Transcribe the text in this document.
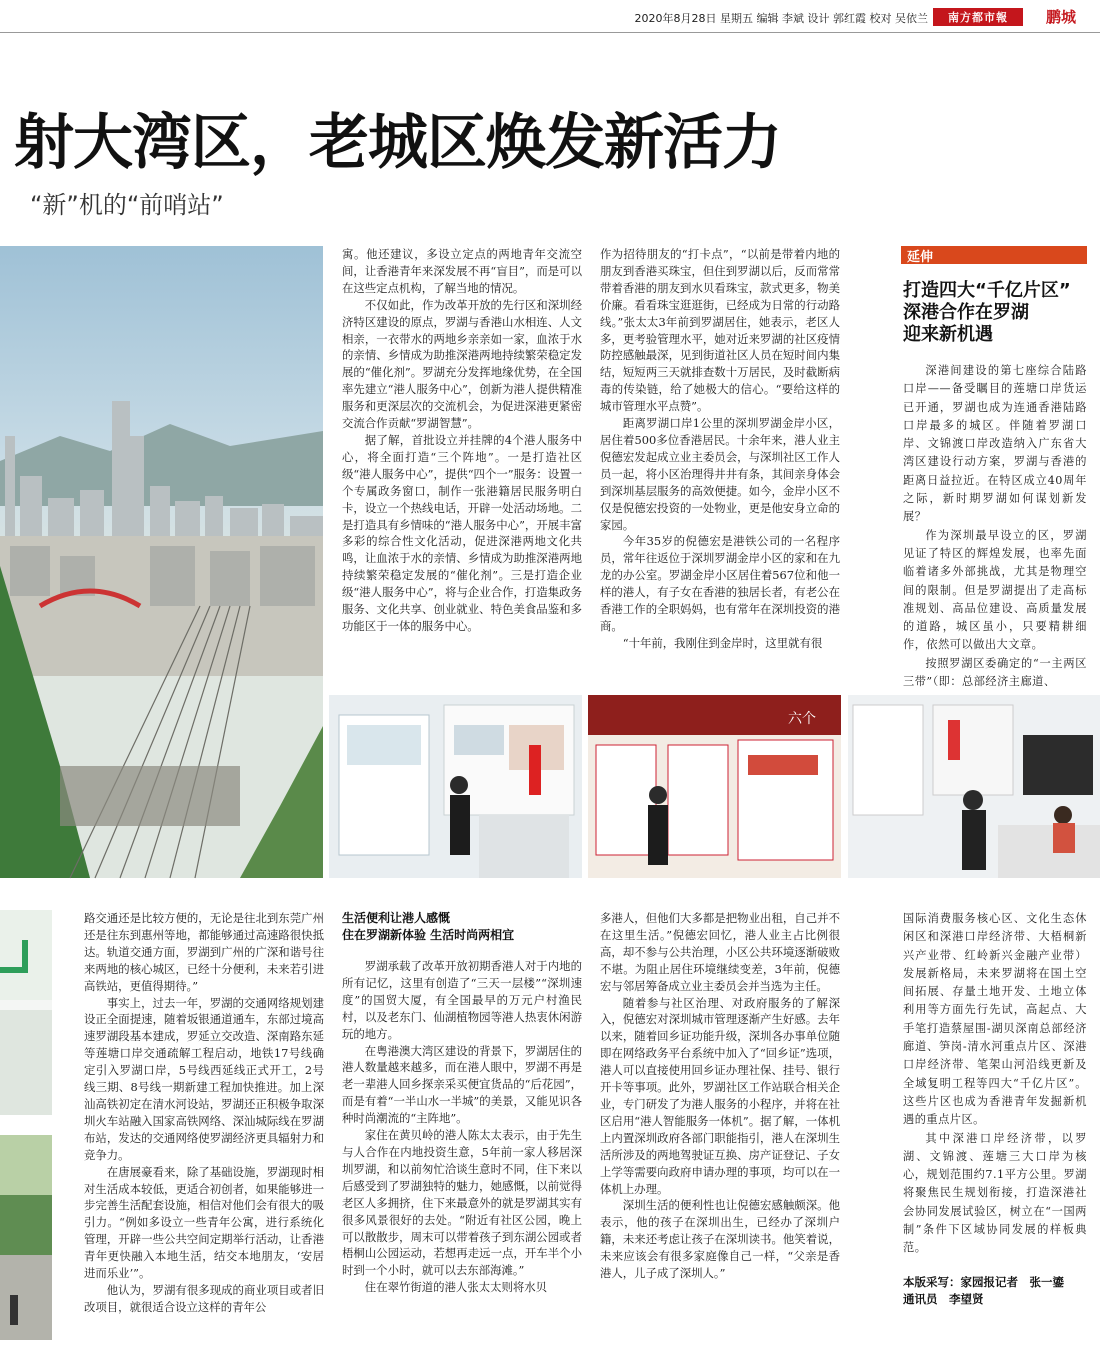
2020年8月28日 星期五 编辑 李斌 设计 郭红霞 校对 吴依兰	南方都市報	鹏城
射大湾区，老城区焕发新活力
“新”机的“前哨站”
六个

寓。他还建议，多设立定点的两地青年交流空间，让香港青年来深发展不再“盲目”，而是可以在这些定点机构，了解当地的情况。

不仅如此，作为改革开放的先行区和深圳经济特区建设的原点，罗湖与香港山水相连、人文相亲，一衣带水的两地乡亲亲如一家，血浓于水的亲情、乡情成为助推深港两地持续繁荣稳定发展的“催化剂”。罗湖充分发挥地缘优势，在全国率先建立“港人服务中心”，创新为港人提供精准服务和更深层次的交流机会，为促进深港更紧密交流合作贡献“罗湖智慧”。

据了解，首批设立并挂牌的4个港人服务中心，将全面打造“三个阵地”。一是打造社区级“港人服务中心”，提供“四个一”服务：设置一个专属政务窗口，制作一张港籍居民服务明白卡，设立一个热线电话，开辟一处活动场地。二是打造具有乡情味的“港人服务中心”，开展丰富多彩的综合性文化活动，促进深港两地文化共鸣，让血浓于水的亲情、乡情成为助推深港两地持续繁荣稳定发展的“催化剂”。三是打造企业级“港人服务中心”，将与企业合作，打造集政务服务、文化共享、创业就业、特色美食品鉴和多功能区于一体的服务中心。

作为招待朋友的“打卡点”，“以前是带着内地的朋友到香港买珠宝，但住到罗湖以后，反而常常带着香港的朋友到水贝看珠宝，款式更多，物美价廉。看看珠宝逛逛街，已经成为日常的行动路线。”张太太3年前到罗湖居住，她表示，老区人多，更考验管理水平，她对近来罗湖的社区疫情防控感触最深，见到街道社区人员在短时间内集结，短短两三天就排查数十万居民，及时截断病毒的传染链，给了她极大的信心。“要给这样的城市管理水平点赞”。

距离罗湖口岸1公里的深圳罗湖金岸小区，居住着500多位香港居民。十余年来，港人业主倪德宏发起成立业主委员会，与深圳社区工作人员一起，将小区治理得井井有条，其间亲身体会到深圳基层服务的高效便捷。如今，金岸小区不仅是倪德宏投资的一处物业，更是他安身立命的家园。

今年35岁的倪德宏是港铁公司的一名程序员，常年往返位于深圳罗湖金岸小区的家和在九龙的办公室。罗湖金岸小区居住着567位和他一样的港人，有子女在香港的独居长者，有老公在香港工作的全职妈妈，也有常年在深圳投资的港商。

“十年前，我刚住到金岸时，这里就有很

延伸
打造四大“千亿片区”
深港合作在罗湖
迎来新机遇

深港间建设的第七座综合陆路口岸——备受瞩目的莲塘口岸货运已开通，罗湖也成为连通香港陆路口岸最多的城区。伴随着罗湖口岸、文锦渡口岸改造纳入广东省大湾区建设行动方案，罗湖与香港的距离日益拉近。在特区成立40周年之际，新时期罗湖如何谋划新发展？

作为深圳最早设立的区，罗湖见证了特区的辉煌发展，也率先面临着诸多外部挑战，尤其是物理空间的限制。但是罗湖提出了走高标准规划、高品位建设、高质量发展的道路，城区虽小，只要精耕细作，依然可以做出大文章。

按照罗湖区委确定的“一主两区三带”（即：总部经济主廊道、

路交通还是比较方便的，无论是往北到东莞广州还是往东到惠州等地，都能够通过高速路很快抵达。轨道交通方面，罗湖到广州的广深和谐号往来两地的核心城区，已经十分便利，未来若引进高铁站，更值得期待。”

事实上，过去一年，罗湖的交通网络规划建设正全面提速，随着坂银通道通车，东部过境高速罗湖段基本建成，罗延立交改造、深南路东延等莲塘口岸交通疏解工程启动，地铁17号线确定引入罗湖口岸，5号线西延线正式开工，2号线三期、8号线一期新建工程加快推进。加上深汕高铁初定在清水河设站，罗湖还正积极争取深圳火车站融入国家高铁网络、深汕城际线在罗湖布站，发达的交通网络使罗湖经济更具辐射力和竞争力。

在唐展豪看来，除了基础设施，罗湖现时相对生活成本较低，更适合初创者，如果能够进一步完善生活配套设施，相信对他们会有很大的吸引力。“例如多设立一些青年公寓，进行系统化管理，开辟一些公共空间定期举行活动，让香港青年更快融入本地生活，结交本地朋友，‘安居进而乐业’”。

他认为，罗湖有很多现成的商业项目或者旧改项目，就很适合设立这样的青年公

生活便利让港人感慨
住在罗湖新体验 生活时尚两相宜

罗湖承载了改革开放初期香港人对于内地的所有记忆，这里有创造了“三天一层楼”“深圳速度”的国贸大厦，有全国最早的万元户村渔民村，以及老东门、仙湖植物园等港人热衷休闲游玩的地方。

在粤港澳大湾区建设的背景下，罗湖居住的港人数量越来越多，而在港人眼中，罗湖不再是老一辈港人回乡探亲采买便宜货品的“后花园”，而是有着“一半山水一半城”的美景，又能见识各种时尚潮流的“主阵地”。

家住在黄贝岭的港人陈太太表示，由于先生与人合作在内地投资生意，5年前一家人移居深圳罗湖，和以前匆忙洽谈生意时不同，住下来以后感受到了罗湖独特的魅力，她感慨，以前觉得老区人多拥挤，住下来最意外的就是罗湖其实有很多风景很好的去处。“附近有社区公园，晚上可以散散步，周末可以带着孩子到东湖公园或者梧桐山公园运动，若想再走远一点，开车半个小时到一个小时，就可以去东部海滩。”

住在翠竹街道的港人张太太则将水贝

多港人，但他们大多都是把物业出租，自己并不在这里生活。”倪德宏回忆，港人业主占比例很高，却不参与公共治理，小区公共环境逐渐破败不堪。为阻止居住环境继续变差，3年前，倪德宏与邻居筹备成立业主委员会并当选为主任。

随着参与社区治理、对政府服务的了解深入，倪德宏对深圳城市管理逐渐产生好感。去年以来，随着回乡证功能升级，深圳各办事单位随即在网络政务平台系统中加入了“回乡证”选项，港人可以直接使用回乡证办理社保、挂号、银行开卡等事项。此外，罗湖社区工作站联合相关企业，专门研发了为港人服务的小程序，并将在社区启用“港人智能服务一体机”。据了解，一体机上内置深圳政府各部门职能指引，港人在深圳生活所涉及的两地驾驶证互换、房产证登记、子女上学等需要向政府申请办理的事项，均可以在一体机上办理。

深圳生活的便利性也让倪德宏感触颇深。他表示，他的孩子在深圳出生，已经办了深圳户籍，未来还考虑让孩子在深圳读书。他笑着说，未来应该会有很多家庭像自己一样，“父亲是香港人，儿子成了深圳人。”

国际消费服务核心区、文化生态休闲区和深港口岸经济带、大梧桐新兴产业带、红岭新兴金融产业带）发展新格局，未来罗湖将在国土空间拓展、存量土地开发、土地立体利用等方面先行先试，高起点、大手笔打造蔡屋围-湖贝深南总部经济廊道、笋岗-清水河重点片区、深港口岸经济带、笔架山河沿线更新及全域复明工程等四大“千亿片区”。这些片区也成为香港青年发掘新机遇的重点片区。

其中深港口岸经济带，以罗湖、文锦渡、莲塘三大口岸为核心，规划范围约7.1平方公里。罗湖将聚焦民生规划衔接，打造深港社会协同发展试验区，树立在“一国两制”条件下区域协同发展的样板典范。

本版采写：家园报记者　张一鎏
通讯员　李望贤
